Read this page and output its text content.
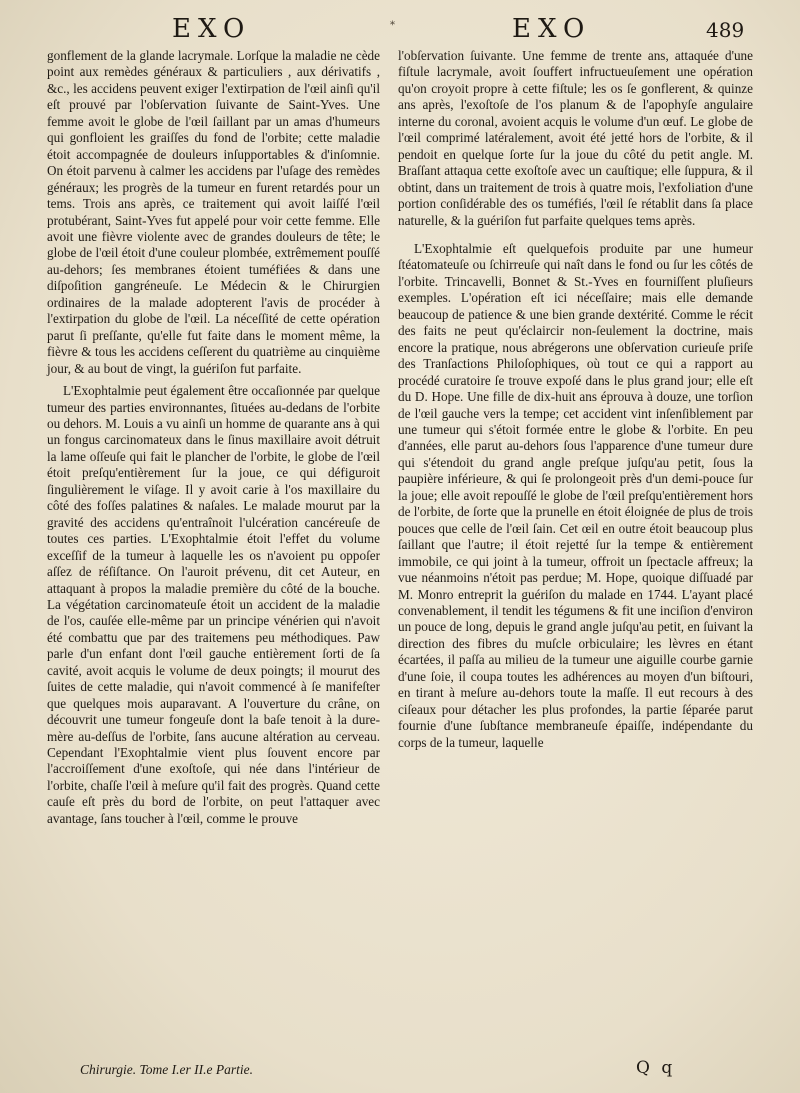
EXO	*	EXO	489

gonflement de la glande lacrymale. Lorſque la maladie ne cède point aux remèdes généraux & particuliers , aux dérivatifs , &c., les accidens peuvent exiger l'extirpation de l'œil ainſi qu'il eſt prouvé par l'obſervation ſuivante de Saint-Yves. Une femme avoit le globe de l'œil ſaillant par un amas d'humeurs qui gonfloient les graiſſes du fond de l'orbite; cette maladie étoit accompagnée de douleurs inſupportables & d'inſomnie. On étoit parvenu à calmer les accidens par l'uſage des remèdes généraux; les progrès de la tumeur en furent retardés pour un tems. Trois ans après, ce traitement qui avoit laiſſé l'œil protubérant, Saint-Yves fut appelé pour voir cette femme. Elle avoit une fièvre violente avec de grandes douleurs de tête; le globe de l'œil étoit d'une couleur plombée, extrêmement pouſſé au-dehors; ſes membranes étoient tuméfiées & dans une diſpoſition gangréneuſe. Le Médecin & le Chirurgien ordinaires de la malade adopterent l'avis de procéder à l'extirpation du globe de l'œil. La néceſſité de cette opération parut ſi preſſante, qu'elle fut faite dans le moment même, la fièvre & tous les accidens ceſſerent du quatrième au cinquième jour, & au bout de vingt, la guériſon fut parfaite.

L'Exophtalmie peut également être occaſionnée par quelque tumeur des parties environnantes, ſituées au-dedans de l'orbite ou dehors. M. Louis a vu ainſi un homme de quarante ans à qui un fongus carcinomateux dans le ſinus maxillaire avoit détruit la lame oſſeuſe qui fait le plancher de l'orbite, le globe de l'œil étoit preſqu'entièrement ſur la joue, ce qui défiguroit ſingulièrement le viſage. Il y avoit carie à l'os maxillaire du côté des foſſes palatines & naſales. Le malade mourut par la gravité des accidens qu'entraînoit l'ulcération cancéreuſe de toutes ces parties. L'Exophtalmie étoit l'effet du volume exceſſif de la tumeur à laquelle les os n'avoient pu oppoſer aſſez de réſiſtance. On l'auroit prévenu, dit cet Auteur, en attaquant à propos la maladie première du côté de la bouche. La végétation carcinomateuſe étoit un accident de la maladie de l'os, cauſée elle-même par un principe vénérien qui n'avoit été combattu que par des traitemens peu méthodiques. Paw parle d'un enfant dont l'œil gauche entièrement ſorti de ſa cavité, avoit acquis le volume de deux poingts; il mourut des ſuites de cette maladie, qui n'avoit commencé à ſe manifeſter que quelques mois auparavant. A l'ouverture du crâne, on découvrit une tumeur fongeuſe dont la baſe tenoit à la dure-mère au-deſſus de l'orbite, ſans aucune altération au cerveau. Cependant l'Exophtalmie vient plus ſouvent encore par l'accroiſſement d'une exoſtoſe, qui née dans l'intérieur de l'orbite, chaſſe l'œil à meſure qu'il fait des progrès. Quand cette cauſe eſt près du bord de l'orbite, on peut l'attaquer avec avantage, ſans toucher à l'œil, comme le prouve

l'obſervation ſuivante. Une femme de trente ans, attaquée d'une fiſtule lacrymale, avoit ſouffert infructueuſement une opération qu'on croyoit propre à cette fiſtule; les os ſe gonflerent, & quinze ans après, l'exoſtoſe de l'os planum & de l'apophyſe angulaire interne du coronal, avoient acquis le volume d'un œuf. Le globe de l'œil comprimé latéralement, avoit été jetté hors de l'orbite, & il pendoit en quelque ſorte ſur la joue du côté du petit angle. M. Braſſant attaqua cette exoſtoſe avec un cauſtique; elle ſuppura, & il obtint, dans un traitement de trois à quatre mois, l'exfoliation d'une portion conſidérable des os tuméfiés, l'œil ſe rétablit dans ſa place naturelle, & la guériſon fut parfaite quelques tems après.

L'Exophtalmie eſt quelquefois produite par une humeur ſtéatomateuſe ou ſchirreuſe qui naît dans le fond ou ſur les côtés de l'orbite. Trincavelli, Bonnet & St.-Yves en fourniſſent pluſieurs exemples. L'opération eſt ici néceſſaire; mais elle demande beaucoup de patience & une bien grande dextérité. Comme le récit des faits ne peut qu'éclaircir non-ſeulement la doctrine, mais encore la pratique, nous abrégerons une obſervation curieuſe priſe des Tranſactions Philoſophiques, où tout ce qui a rapport au procédé curatoire ſe trouve expoſé dans le plus grand jour; elle eſt du D. Hope. Une fille de dix-huit ans éprouva à douze, une torſion de l'œil gauche vers la tempe; cet accident vint inſenſiblement par une tumeur qui s'étoit formée entre le globe & l'orbite. En peu d'années, elle parut au-dehors ſous l'apparence d'une tumeur dure qui s'étendoit du grand angle preſque juſqu'au petit, ſous la paupière inférieure, & qui ſe prolongeoit près d'un demi-pouce ſur la joue; elle avoit repouſſé le globe de l'œil preſqu'entièrement hors de l'orbite, de ſorte que la prunelle en étoit éloignée de plus de trois pouces que celle de l'œil ſain. Cet œil en outre étoit beaucoup plus ſaillant que l'autre; il étoit rejetté ſur la tempe & entièrement immobile, ce qui joint à la tumeur, offroit un ſpectacle affreux; la vue néanmoins n'étoit pas perdue; M. Hope, quoique diſſuadé par M. Monro entreprit la guériſon du malade en 1744. L'ayant placé convenablement, il tendit les tégumens & fit une inciſion d'environ un pouce de long, depuis le grand angle juſqu'au petit, en ſuivant la direction des fibres du muſcle orbiculaire; les lèvres en étant écartées, il paſſa au milieu de la tumeur une aiguille courbe garnie d'une ſoie, il coupa toutes les adhérences au moyen d'un biſtouri, en tirant à meſure au-dehors toute la maſſe. Il eut recours à des ciſeaux pour détacher les plus profondes, la partie ſéparée parut fournie d'une ſubſtance membraneuſe épaiſſe, indépendante du corps de la tumeur, laquelle

Chirurgie. Tome I.er II.e Partie.	Q q
